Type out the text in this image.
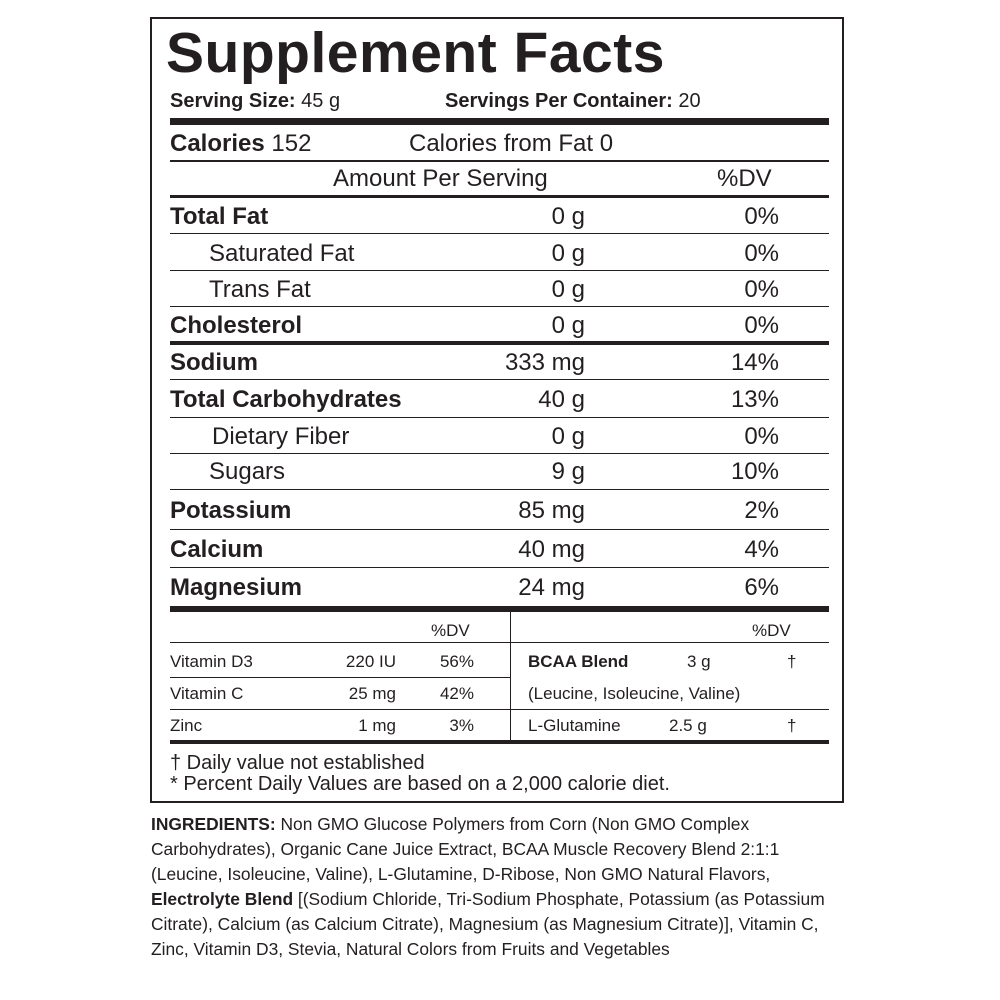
Supplement Facts
Serving Size: 45 g	Servings Per Container: 20
Calories 152	Calories from Fat 0
Amount Per Serving	%DV
Total Fat	0 g	0%
Saturated Fat	0 g	0%
Trans Fat	0 g	0%
Cholesterol	0 g	0%
Sodium	333 mg	14%
Total Carbohydrates	40 g	13%
Dietary Fiber	0 g	0%
Sugars	9 g	10%
Potassium	85 mg	2%
Calcium	40 mg	4%
Magnesium	24 mg	6%
%DV
Vitamin D3	220 IU	56%
Vitamin C	25 mg	42%
Zinc	1 mg	3%
%DV
BCAA Blend	3 g	†
(Leucine, Isoleucine, Valine)
L-Glutamine	2.5 g	†
† Daily value not established
* Percent Daily Values are based on a 2,000 calorie diet.
INGREDIENTS: Non GMO Glucose Polymers from Corn (Non GMO Complex Carbohydrates), Organic Cane Juice Extract, BCAA Muscle Recovery Blend 2:1:1 (Leucine, Isoleucine, Valine), L-Glutamine, D-Ribose, Non GMO Natural Flavors, Electrolyte Blend [(Sodium Chloride, Tri-Sodium Phosphate, Potassium (as Potassium Citrate), Calcium (as Calcium Citrate), Magnesium (as Magnesium Citrate)], Vitamin C, Zinc, Vitamin D3, Stevia, Natural Colors from Fruits and Vegetables
